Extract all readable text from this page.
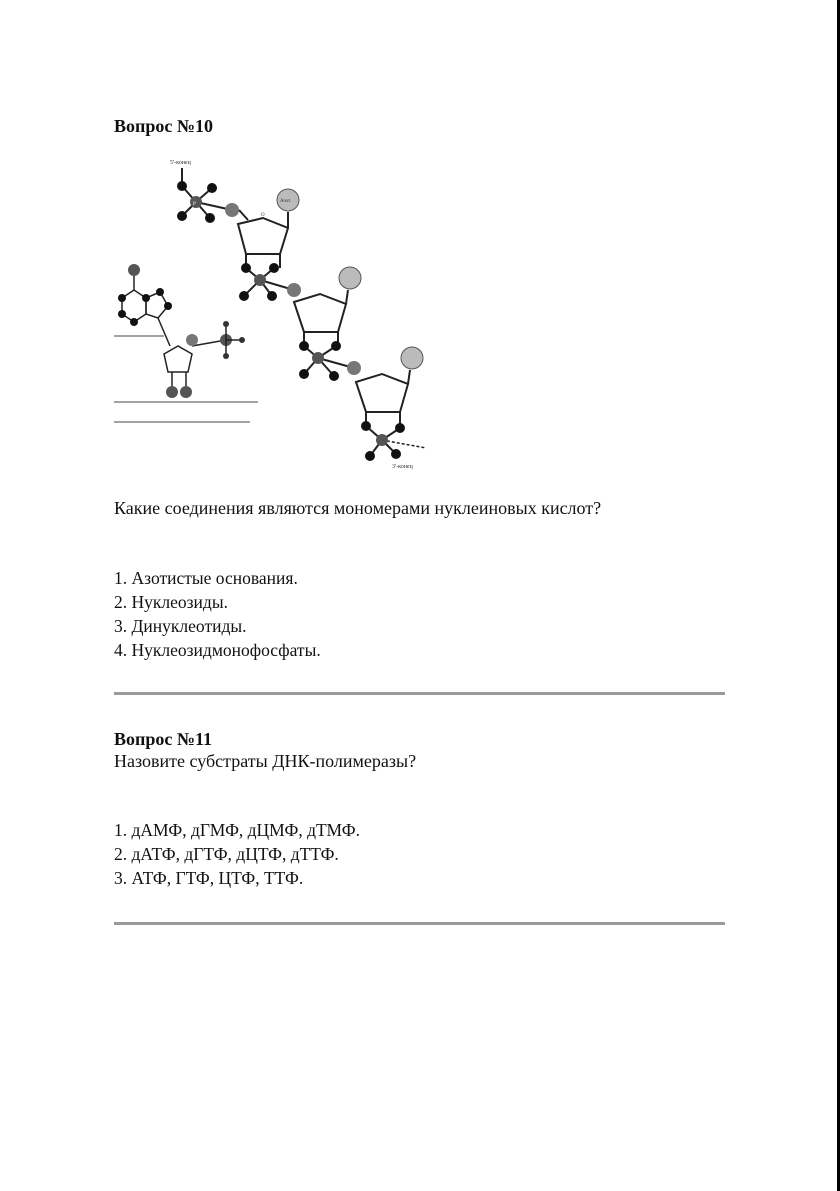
Вопрос №10
5'-конец
P
O
Азот.
3'-конец
Какие соединения являются мономерами нуклеиновых кислот?
1. Азотистые основания.
2. Нуклеозиды.
3. Динуклеотиды.
4. Нуклеозидмонофосфаты.
Вопрос №11
Назовите субстраты ДНК-полимеразы?
1. дАМФ, дГМФ, дЦМФ, дТМФ.
2. дАТФ, дГТФ, дЦТФ, дТТФ.
3. АТФ, ГТФ, ЦТФ, ТТФ.
